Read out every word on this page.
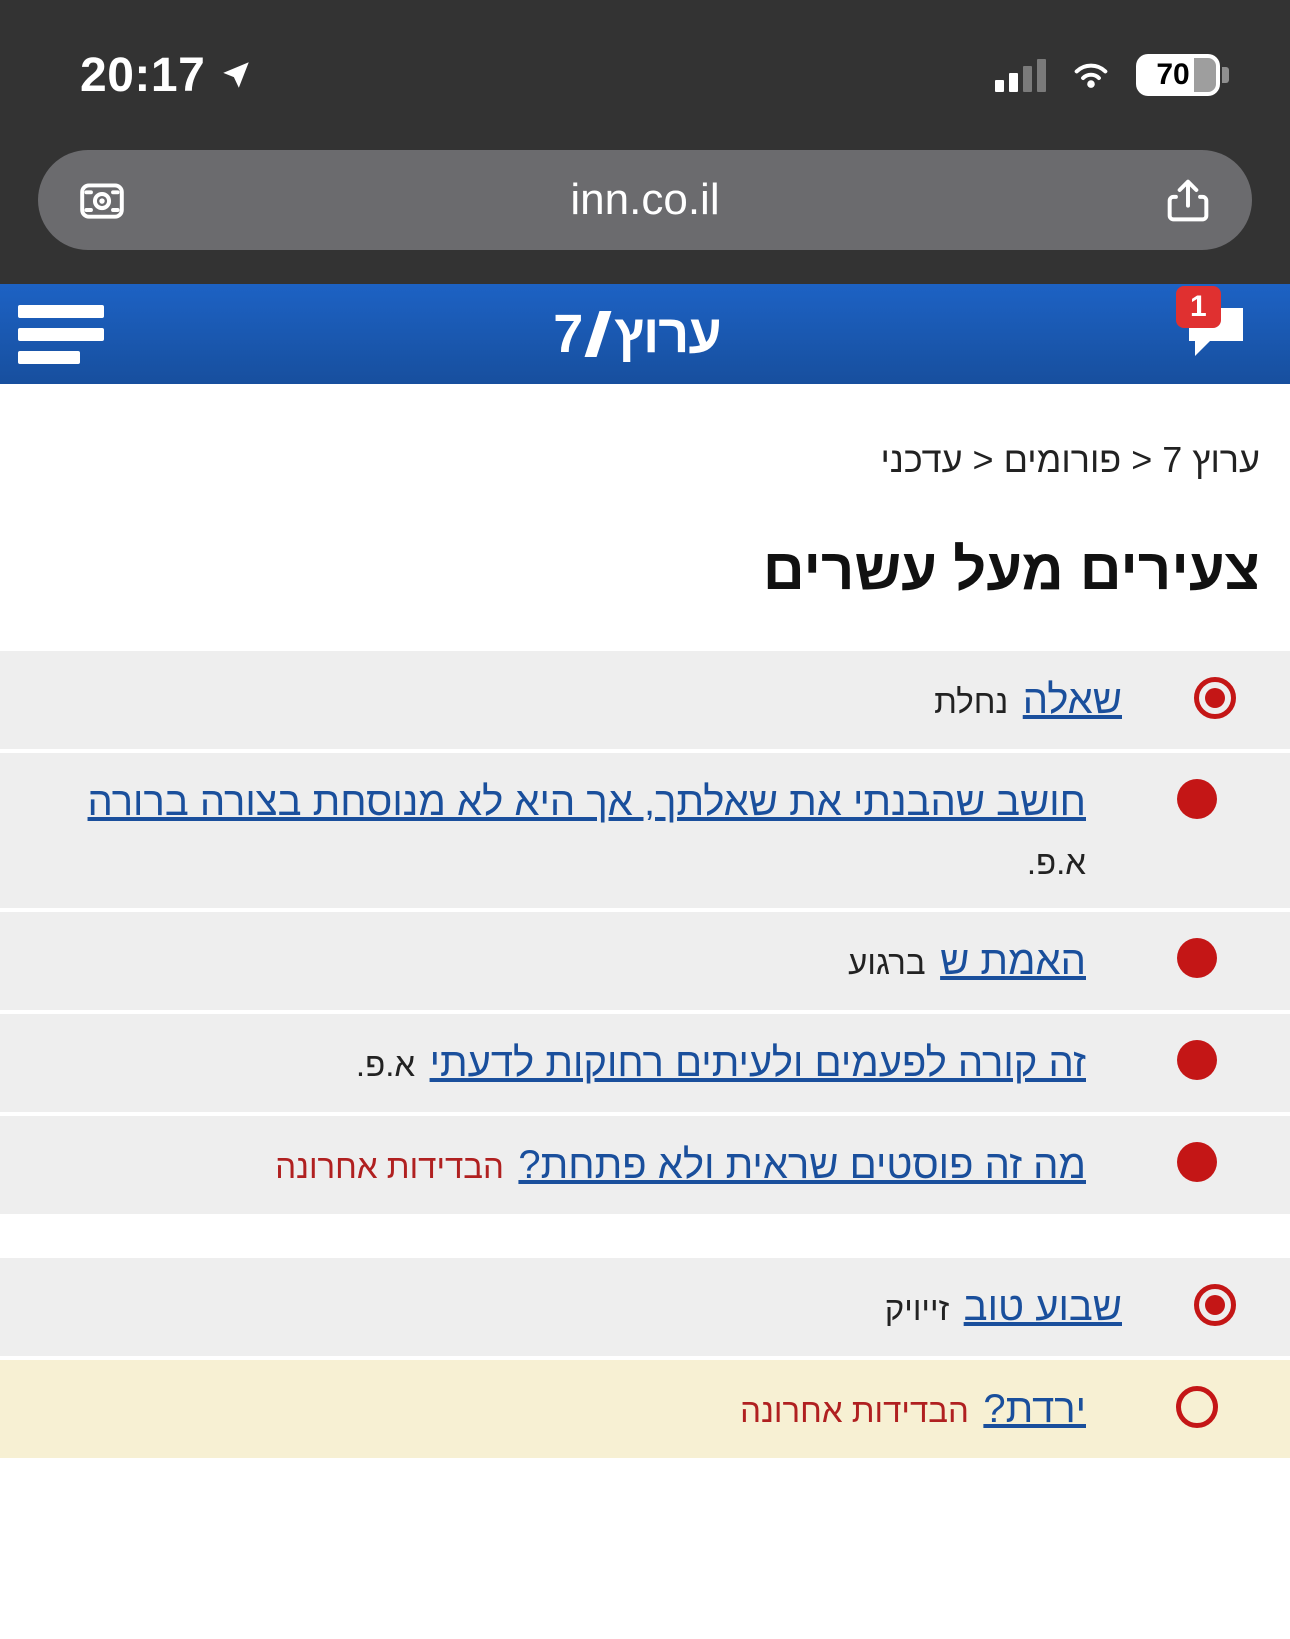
20:17	70
inn.co.il
1
ערוץ
7
ערוץ 7 < פורומים < עדכני
צעירים מעל עשרים
שאלה נחלת
חושב שהבנתי את שאלתך, אך היא לא מנוסחת בצורה ברורה
א.פ.
האמת ש ברגוע
זה קורה לפעמים ולעיתים רחוקות לדעתי א.פ.
מה זה פוסטים שראית ולא פתחת? הבדידות אחרונה
שבוע טוב זייויק
ירדת? הבדידות אחרונה
